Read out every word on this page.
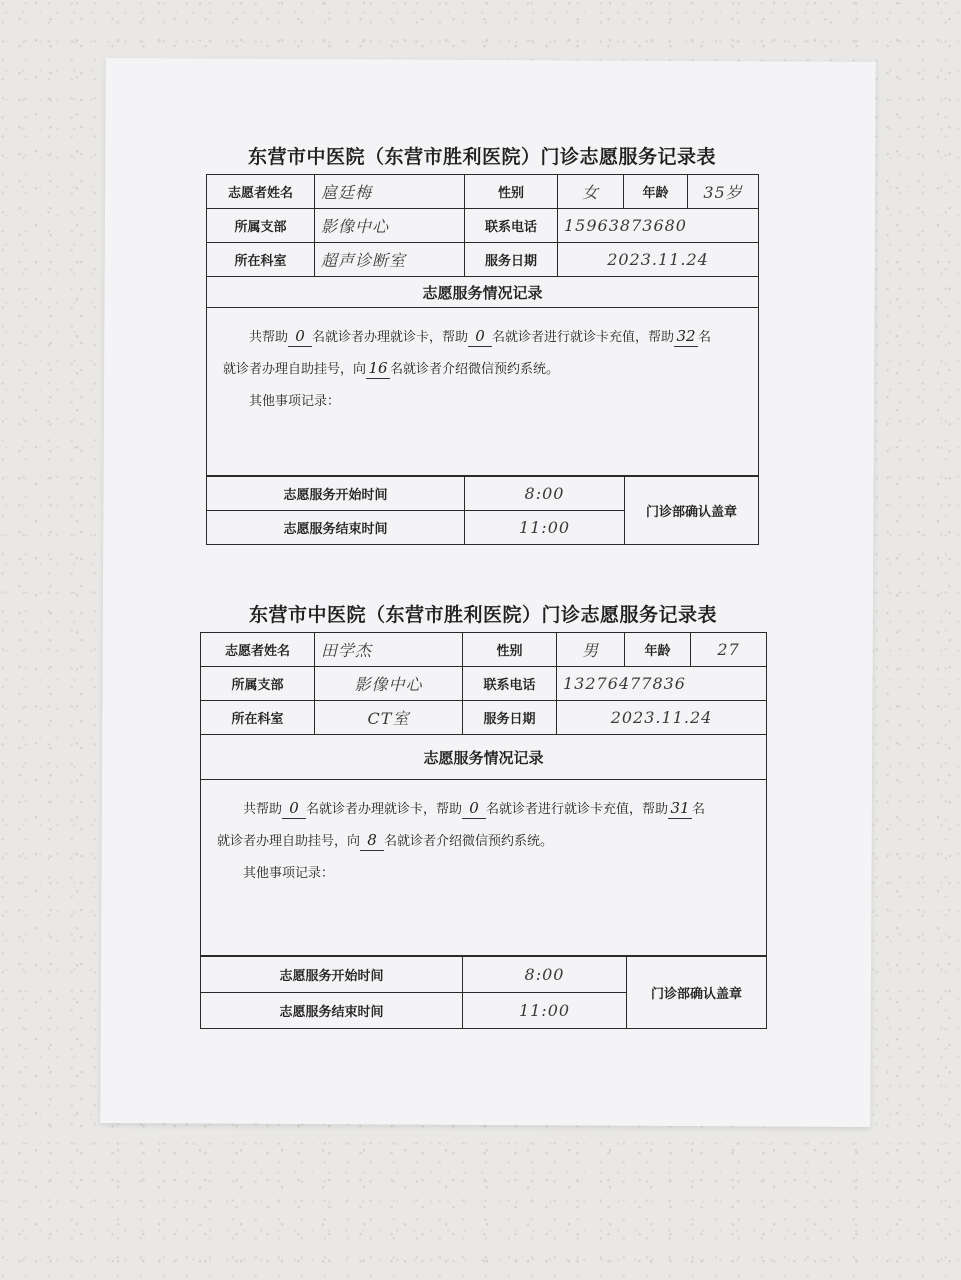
东营市中医院（东营市胜利医院）门诊志愿服务记录表
志愿者姓名	扈廷梅	性别	女	年龄	35岁
所属支部	影像中心	联系电话	15963873680		
所在科室	超声诊断室	服务日期	2023.11.24		
志愿服务情况记录					

共帮助 0 名就诊者办理就诊卡，帮助 0 名就诊者进行就诊卡充值，帮助 32 名
就诊者办理自助挂号，向 16 名就诊者介绍微信预约系统。
其他事项记录：					
志愿服务开始时间	8:00	门诊部确认盖章
志愿服务结束时间	11:00	
东营市中医院（东营市胜利医院）门诊志愿服务记录表
志愿者姓名	田学杰	性别	男	年龄	27
所属支部	影像中心	联系电话	13276477836		
所在科室	CT室	服务日期	2023.11.24		
志愿服务情况记录					

共帮助 0 名就诊者办理就诊卡，帮助 0 名就诊者进行就诊卡充值，帮助 31 名
就诊者办理自助挂号，向 8 名就诊者介绍微信预约系统。
其他事项记录：					
志愿服务开始时间	8:00	门诊部确认盖章
志愿服务结束时间	11:00	
